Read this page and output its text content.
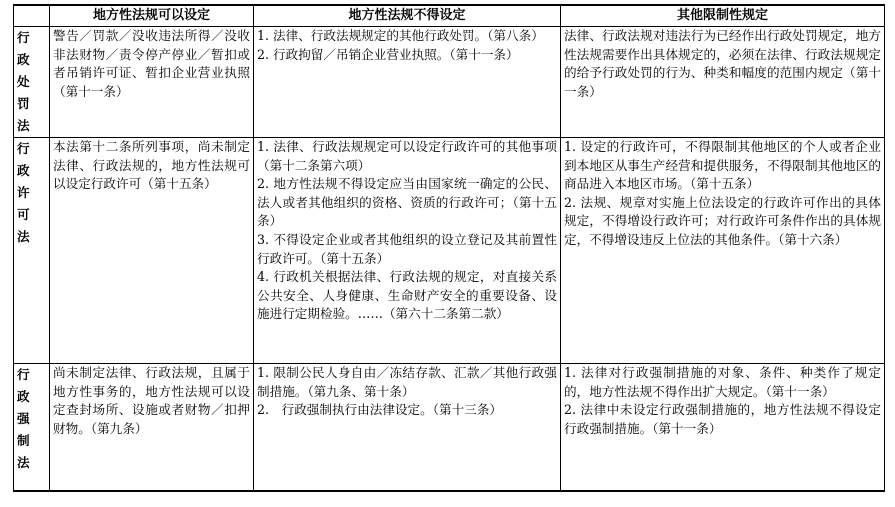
	地方性法规可以设定	地方性法规不得设定	其他限制性规定

行
政
处
罚
法	警告／罚款／没收违法所得／没收非法财物／责令停产停业／暂扣或者吊销许可证、暂扣企业营业执照（第十一条）	1. 法律、行政法规规定的其他行政处罚。（第八条）
2. 行政拘留／吊销企业营业执照。（第十一条）	法律、行政法规对违法行为已经作出行政处罚规定，地方性法规需要作出具体规定的，必须在法律、行政法规规定的给予行政处罚的行为、种类和幅度的范围内规定（第十一条）

行
政
许
可
法	本法第十二条所列事项，尚未制定法律、行政法规的，地方性法规可以设定行政许可（第十五条）	1. 法律、行政法规规定可以设定行政许可的其他事项（第十二条第六项）
2. 地方性法规不得设定应当由国家统一确定的公民、法人或者其他组织的资格、资质的行政许可；（第十五条）
3. 不得设定企业或者其他组织的设立登记及其前置性行政许可。（第十五条）
4. 行政机关根据法律、行政法规的规定，对直接关系公共安全、人身健康、生命财产安全的重要设备、设施进行定期检验。……（第六十二条第二款）	1. 设定的行政许可，不得限制其他地区的个人或者企业到本地区从事生产经营和提供服务，不得限制其他地区的商品进入本地区市场。（第十五条）
2. 法规、规章对实施上位法设定的行政许可作出的具体规定，不得增设行政许可；对行政许可条件作出的具体规定，不得增设违反上位法的其他条件。（第十六条）

行
政
强
制
法	尚未制定法律、行政法规，且属于地方性事务的，地方性法规可以设定查封场所、设施或者财物／扣押财物。（第九条）	1. 限制公民人身自由／冻结存款、汇款／其他行政强制措施。（第九条、第十条）
2.　行政强制执行由法律设定。（第十三条）	1. 法律对行政强制措施的对象、条件、种类作了规定的，地方性法规不得作出扩大规定。（第十一条）
2. 法律中未设定行政强制措施的，地方性法规不得设定行政强制措施。（第十一条）
